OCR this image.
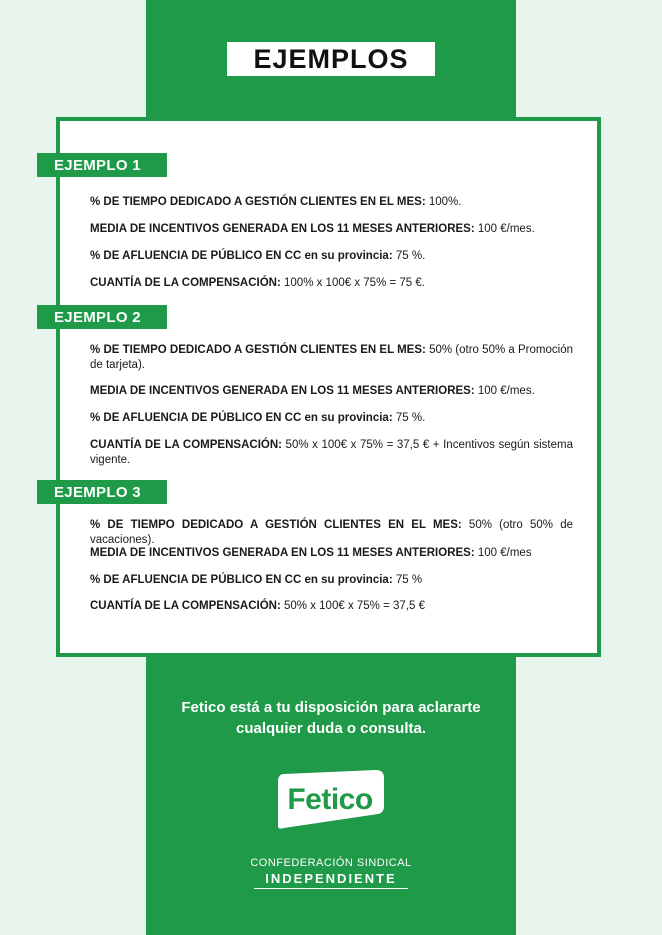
EJEMPLOS
EJEMPLO 1
% DE TIEMPO DEDICADO A GESTIÓN CLIENTES EN EL MES: 100%.
MEDIA DE INCENTIVOS GENERADA EN LOS 11 MESES ANTERIORES: 100 €/mes.
% DE AFLUENCIA DE PÚBLICO EN CC en su provincia: 75 %.
CUANTÍA DE LA COMPENSACIÓN: 100% x 100€ x 75% = 75 €.
EJEMPLO 2
% DE TIEMPO DEDICADO A GESTIÓN CLIENTES EN EL MES: 50% (otro 50% a Promoción de tarjeta).
MEDIA DE INCENTIVOS GENERADA EN LOS 11 MESES ANTERIORES: 100 €/mes.
% DE AFLUENCIA DE PÚBLICO EN CC en su provincia: 75 %.
CUANTÍA DE LA COMPENSACIÓN: 50% x 100€ x 75% = 37,5 € + Incentivos según sistema vigente.
EJEMPLO 3
% DE TIEMPO DEDICADO A GESTIÓN CLIENTES EN EL MES: 50% (otro 50% de vacaciones).
MEDIA DE INCENTIVOS GENERADA EN LOS 11 MESES ANTERIORES: 100 €/mes
% DE AFLUENCIA DE PÚBLICO EN CC en su provincia: 75 %
CUANTÍA DE LA COMPENSACIÓN: 50% x 100€ x 75% = 37,5 €
Fetico está a tu disposición para aclararte
cualquier duda o consulta.
Fetico
CONFEDERACIÓN SINDICAL
INDEPENDIENTE
